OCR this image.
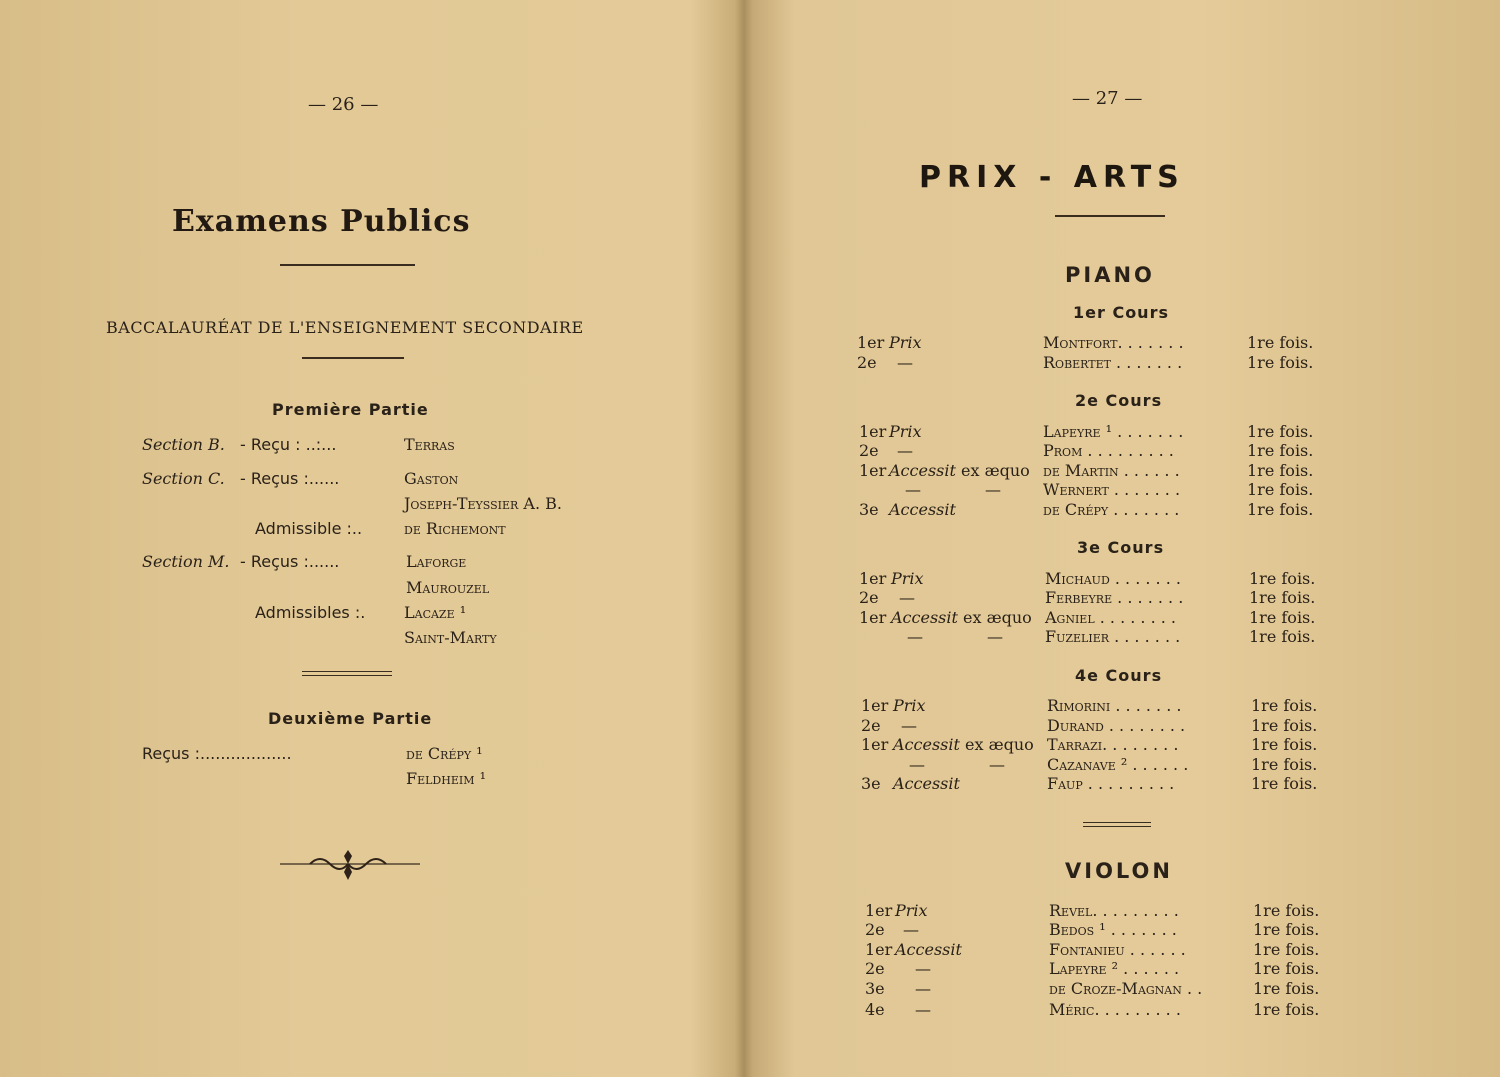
— 26 —
Examens Publics
BACCALAURÉAT DE L'ENSEIGNEMENT SECONDAIRE
Première Partie
Section B. - Reçu : ..:...	Terras
Section C. - Reçus :......	Gaston
Joseph-Teyssier A. B.
Admissible :..	de Richemont
Section M. - Reçus :......	Laforge
Maurouzel
Admissibles :. Lacaze ¹
Saint-Marty
Deuxième Partie
Reçus :..................	de Crépy ¹
Feldheim ¹
— 27 —
PRIX - ARTS
PIANO
1er Cours
1er Prix	Montfort. . . . . . .	1re fois.
2e —	Robertet . . . . . . .	1re fois.
2e Cours
1er Prix	Lapeyre ¹ . . . . . . .	1re fois.
2e —	Prom . . . . . . . . .	1re fois.
1er Accessit ex æquo de Martin . . . . . .	1re fois.
—	—	Wernert . . . . . . .	1re fois.
3e Accessit	de Crépy . . . . . . .	1re fois.
3e Cours
1er Prix	Michaud . . . . . . .	1re fois.
2e —	Ferbeyre . . . . . . .	1re fois.
1er Accessit ex æquo Agniel . . . . . . . .	1re fois.
—	—	Fuzelier . . . . . . .	1re fois.
4e Cours
1er Prix	Rimorini . . . . . . .	1re fois.
2e —	Durand . . . . . . . .	1re fois.
1er Accessit ex æquo Tarrazi. . . . . . . .	1re fois.
—	—	Cazanave ² . . . . . .	1re fois.
3e Accessit	Faup . . . . . . . . .	1re fois.
VIOLON
1er Prix	Revel. . . . . . . . .	1re fois.
2e —	Bedos ¹ . . . . . . .	1re fois.
1er Accessit	Fontanieu . . . . . .	1re fois.
2e —	Lapeyre ² . . . . . .	1re fois.
3e —	de Croze-Magnan . .	1re fois.
4e —	Méric. . . . . . . . .	1re fois.
